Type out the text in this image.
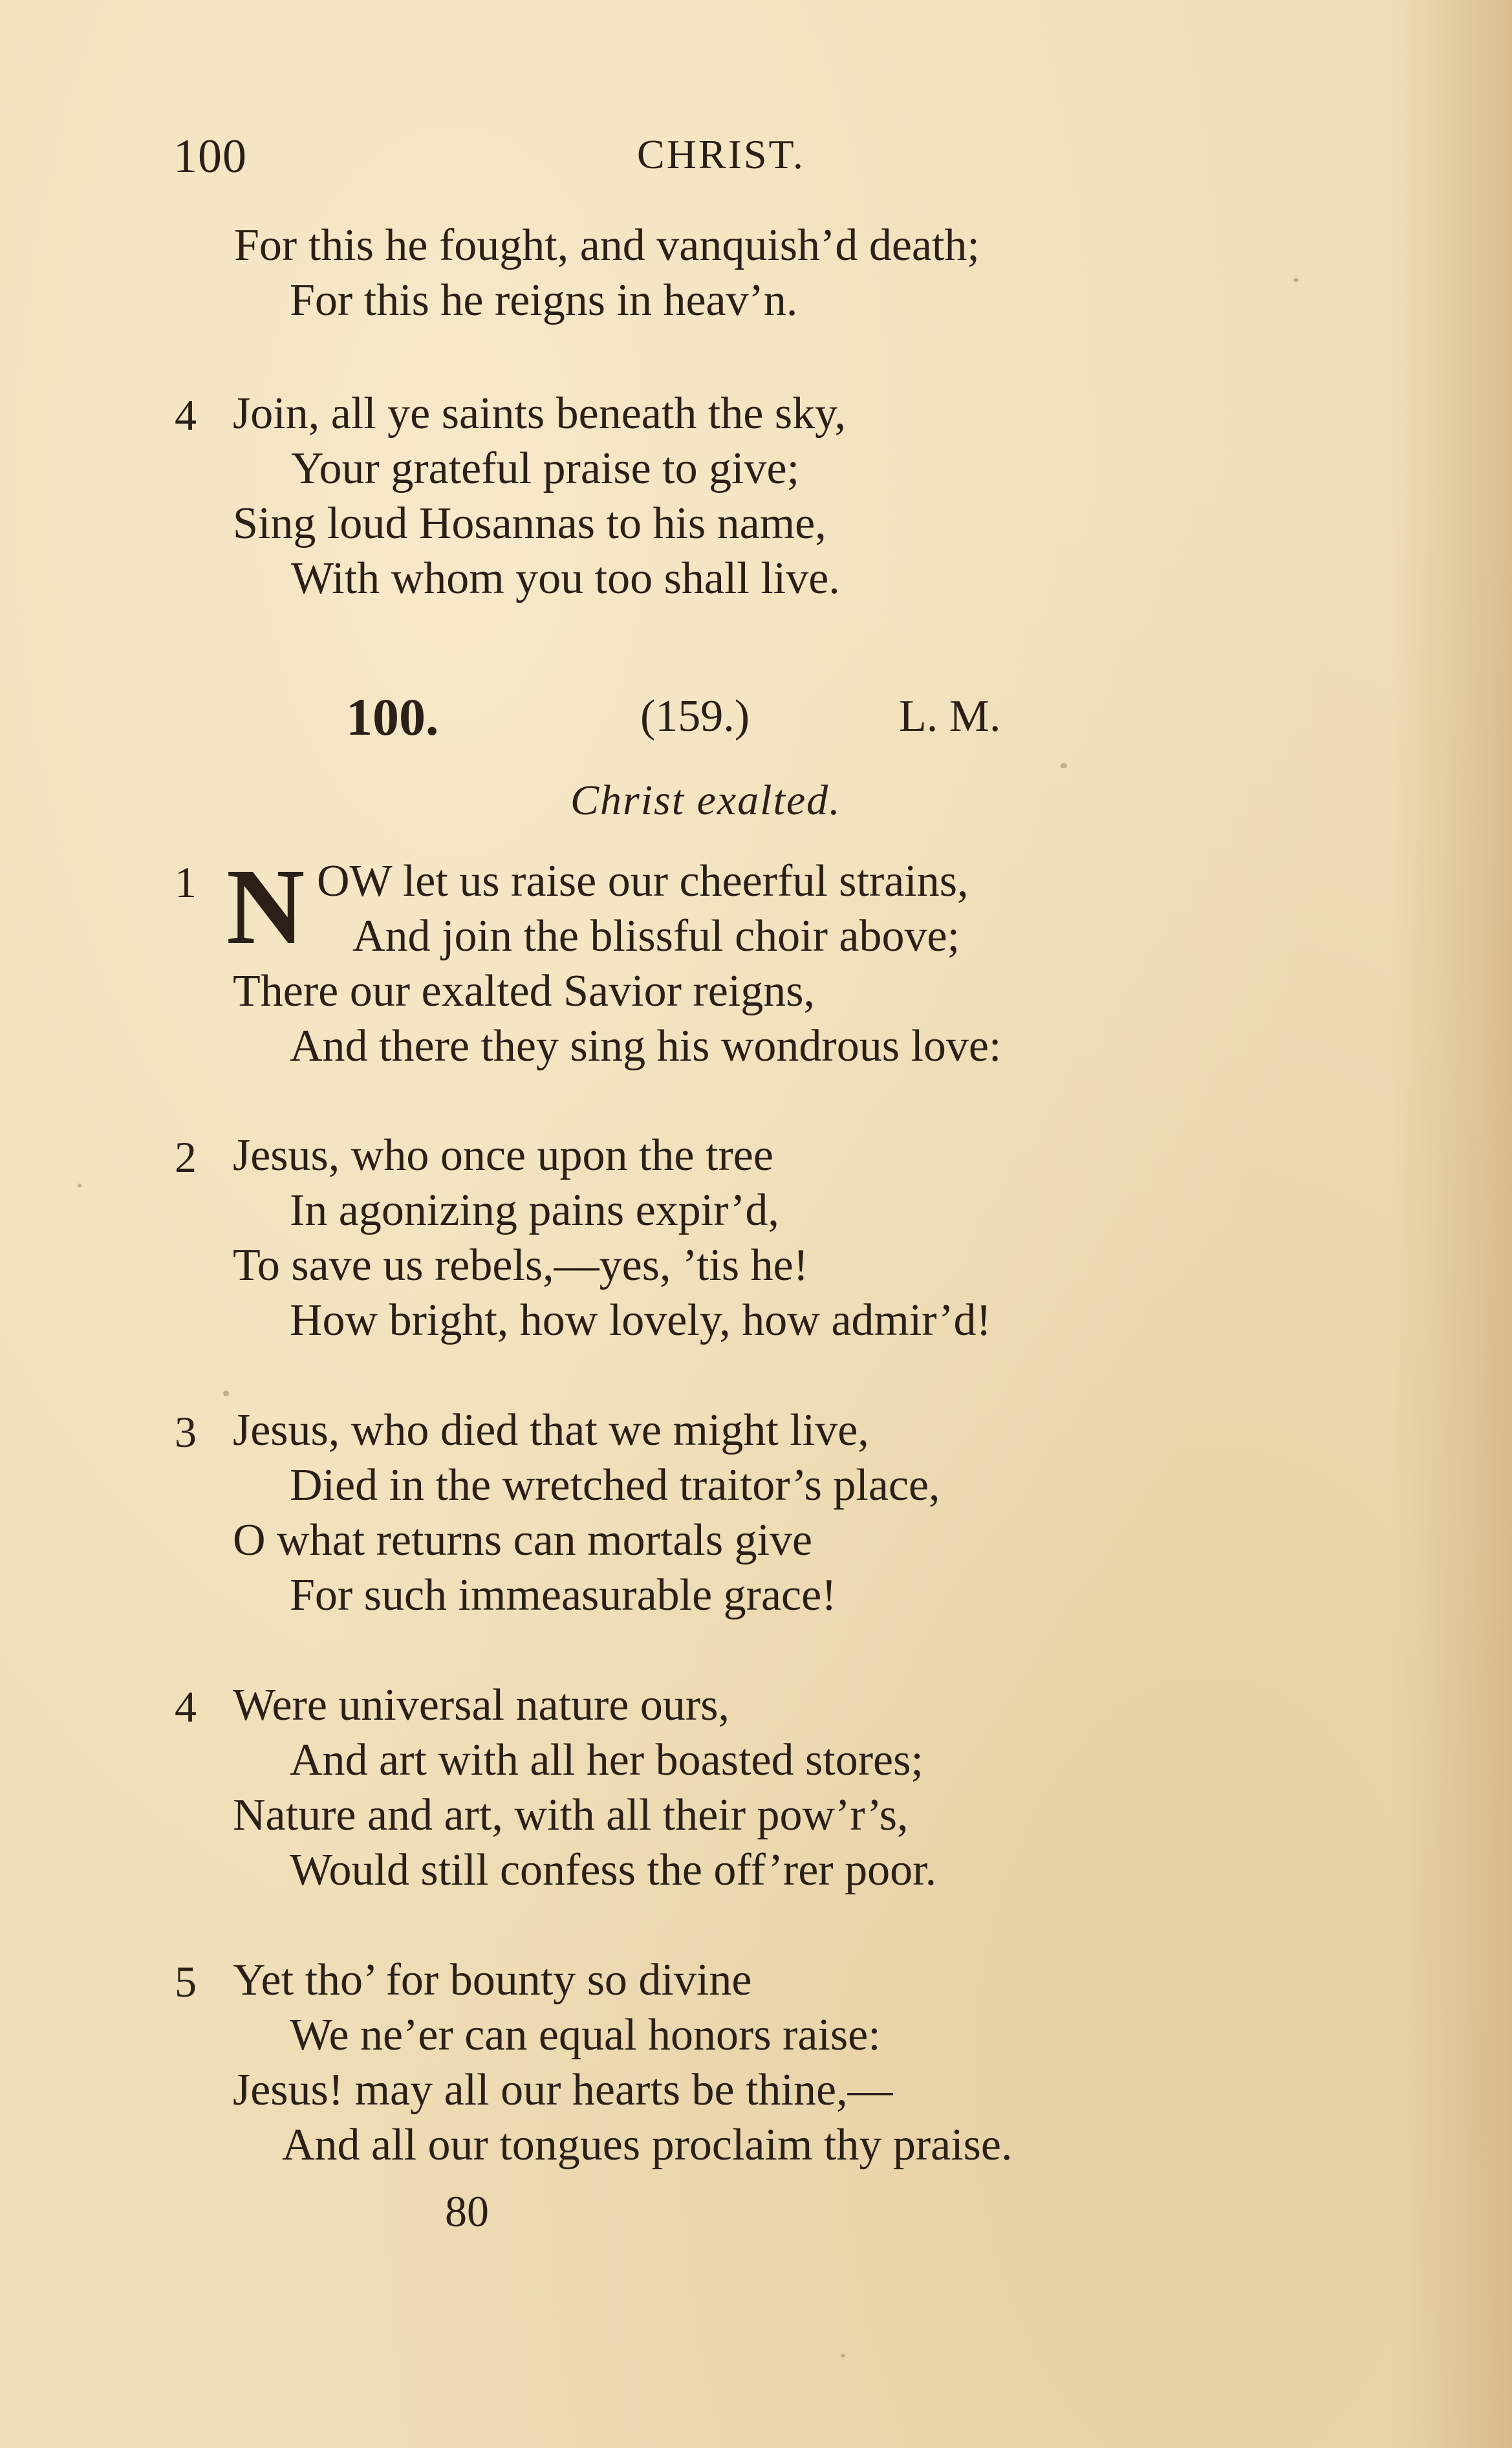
100	CHRIST.
For this he fought, and vanquish’d death;
For this he reigns in heav’n.
4 Join, all ye saints beneath the sky,
Your grateful praise to give;
Sing loud Hosannas to his name,
With whom you too shall live.
100.	(159.)	L. M.
Christ exalted.
1 N OW let us raise our cheerful strains,
And join the blissful choir above;
There our exalted Savior reigns,
And there they sing his wondrous love:
2 Jesus, who once upon the tree
In agonizing pains expir’d,
To save us rebels,—yes, ’tis he!
How bright, how lovely, how admir’d!
3 Jesus, who died that we might live,
Died in the wretched traitor’s place,
O what returns can mortals give
For such immeasurable grace!
4 Were universal nature ours,
And art with all her boasted stores;
Nature and art, with all their pow’r’s,
Would still confess the off’rer poor.
5 Yet tho’ for bounty so divine
We ne’er can equal honors raise:
Jesus! may all our hearts be thine,—
And all our tongues proclaim thy praise.
80
